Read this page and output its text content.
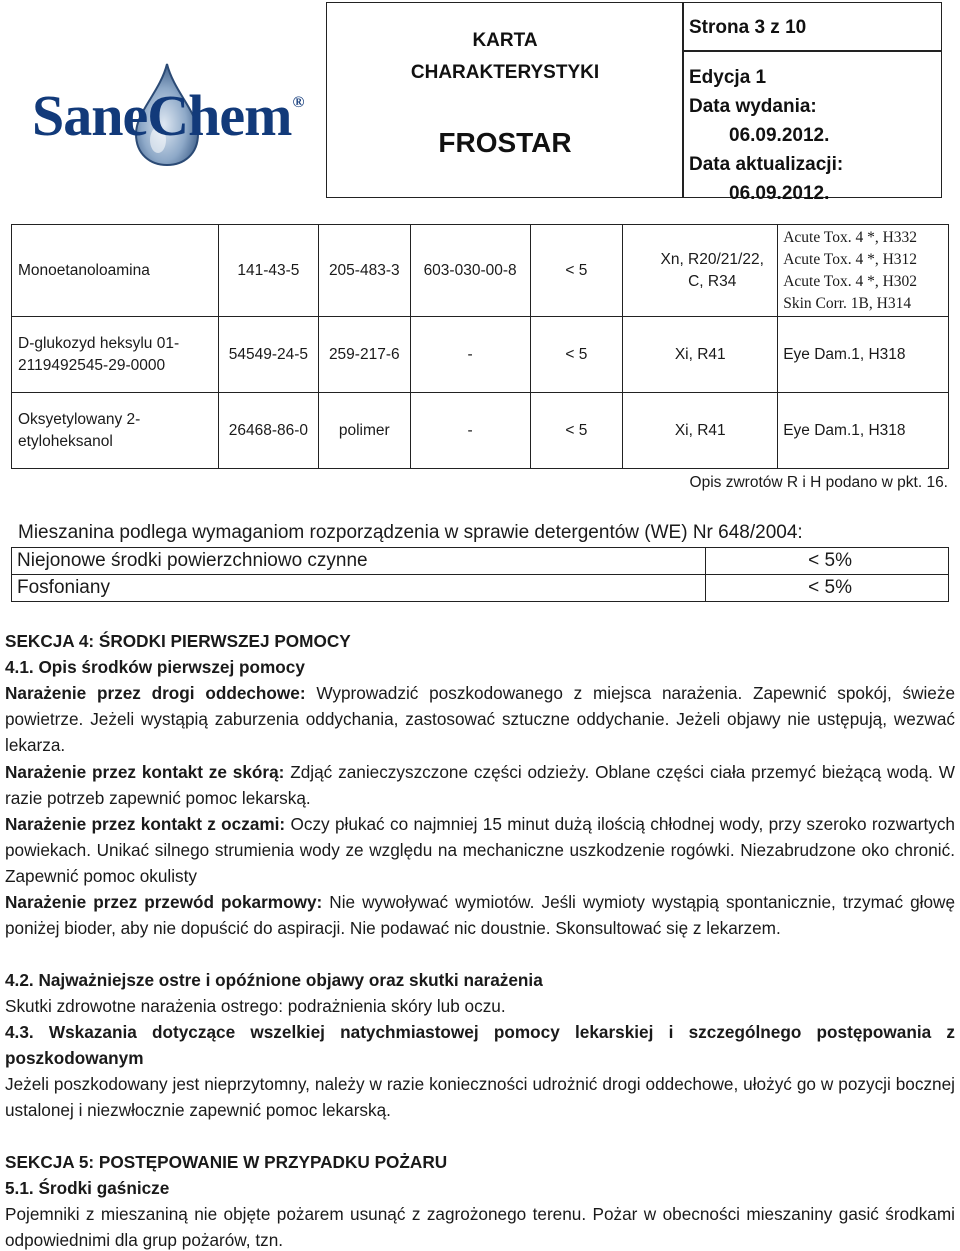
SaneChem®
KARTA
CHARAKTERYSTYKI
FROSTAR
Strona 3 z 10
Edycja 1
Data wydania:
06.09.2012.
Data aktualizacji:
06.09.2012.
Monoetanoloamina	141-43-5	205-483-3	603-030-00-8	< 5	Xn, R20/21/22, C, R34	Acute Tox. 4 *, H332
Acute Tox. 4 *, H312
Acute Tox. 4 *, H302
Skin Corr. 1B, H314

D-glukozyd heksylu 01-2119492545-29-0000	54549-24-5	259-217-6	-	< 5	Xi, R41	Eye Dam.1, H318

Oksyetylowany 2-etyloheksanol	26468-86-0	polimer	-	< 5	Xi, R41	Eye Dam.1, H318
Opis zwrotów R i H podano w pkt. 16.
Mieszanina podlega wymaganiom rozporządzenia w sprawie detergentów (WE) Nr 648/2004:
Niejonowe środki powierzchniowo czynne	< 5%
Fosfoniany	< 5%
SEKCJA 4: ŚRODKI PIERWSZEJ POMOCY
4.1. Opis środków pierwszej pomocy
Narażenie przez drogi oddechowe: Wyprowadzić poszkodowanego z miejsca narażenia. Zapewnić spokój, świeże powietrze. Jeżeli wystąpią zaburzenia oddychania, zastosować sztuczne oddychanie. Jeżeli objawy nie ustępują, wezwać lekarza.
Narażenie przez kontakt ze skórą: Zdjąć zanieczyszczone części odzieży. Oblane części ciała przemyć bieżącą wodą. W razie potrzeb zapewnić pomoc lekarską.
Narażenie przez kontakt z oczami: Oczy płukać co najmniej 15 minut dużą ilością chłodnej wody, przy szeroko rozwartych powiekach. Unikać silnego strumienia wody ze względu na mechaniczne uszkodzenie rogówki. Niezabrudzone oko chronić. Zapewnić pomoc okulisty
Narażenie przez przewód pokarmowy: Nie wywoływać wymiotów. Jeśli wymioty wystąpią spontanicznie, trzymać głowę poniżej bioder, aby nie dopuścić do aspiracji. Nie podawać nic doustnie. Skonsultować się z lekarzem.
4.2. Najważniejsze ostre i opóźnione objawy oraz skutki narażenia
Skutki zdrowotne narażenia ostrego: podrażnienia skóry lub oczu.
4.3. Wskazania dotyczące wszelkiej natychmiastowej pomocy lekarskiej i szczególnego postępowania z poszkodowanym
Jeżeli poszkodowany jest nieprzytomny, należy w razie konieczności udrożnić drogi oddechowe, ułożyć go w pozycji bocznej ustalonej i niezwłocznie zapewnić pomoc lekarską.
SEKCJA 5: POSTĘPOWANIE W PRZYPADKU POŻARU
5.1. Środki gaśnicze
Pojemniki z mieszaniną nie objęte pożarem usunąć z zagrożonego terenu. Pożar w obecności mieszaniny gasić środkami odpowiednimi dla grup pożarów, tzn.
